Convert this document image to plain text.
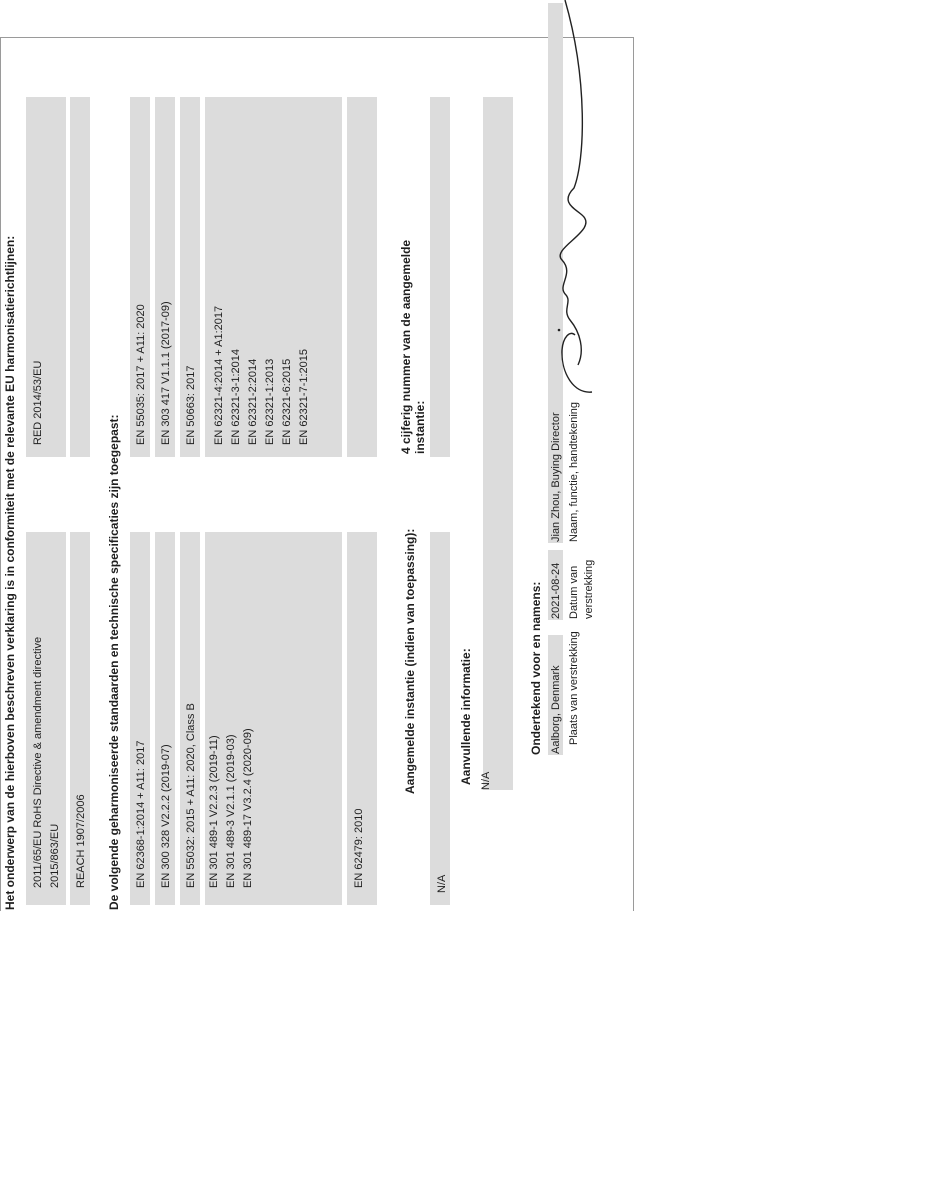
Het onderwerp van de hierboven beschreven verklaring is in conformiteit met de relevante EU harmonisatierichtlijnen: 2011/65/EU RoHS Directive & amendment directive
2015/863/EU
RED 2014/53/EU
REACH 1907/2006 De volgende geharmoniseerde standaarden en technische specificaties zijn toegepast: EN 62368-1:2014 + A11: 2017 EN 300 328 V2.2.2 (2019-07) EN 55032: 2015 + A11: 2020, Class B EN 301 489-1 V2.2.3 (2019-11)
EN 301 489-3 V2.1.1 (2019-03)
EN 301 489-17 V3.2.4 (2020-09)
EN 62479: 2010
EN 55035: 2017 + A11: 2020 EN 303 417 V1.1.1 (2017-09) EN 50663: 2017 EN 62321-4:2014 + A1:2017
EN 62321-3-1:2014
EN 62321-2:2014
EN 62321-1:2013
EN 62321-6:2015
EN 62321-7-1:2015
Aangemelde instantie (indien van toepassing):
4 cijferig nummer van de aangemelde
instantie:
N/A
Aanvullende informatie: N/A
Ondertekend voor en namens: Aalborg, Denmark Plaats van verstrekking
2021-08-24 Datum van
verstrekking
Jian Zhou, Buying Director Naam, functie, handtekening
